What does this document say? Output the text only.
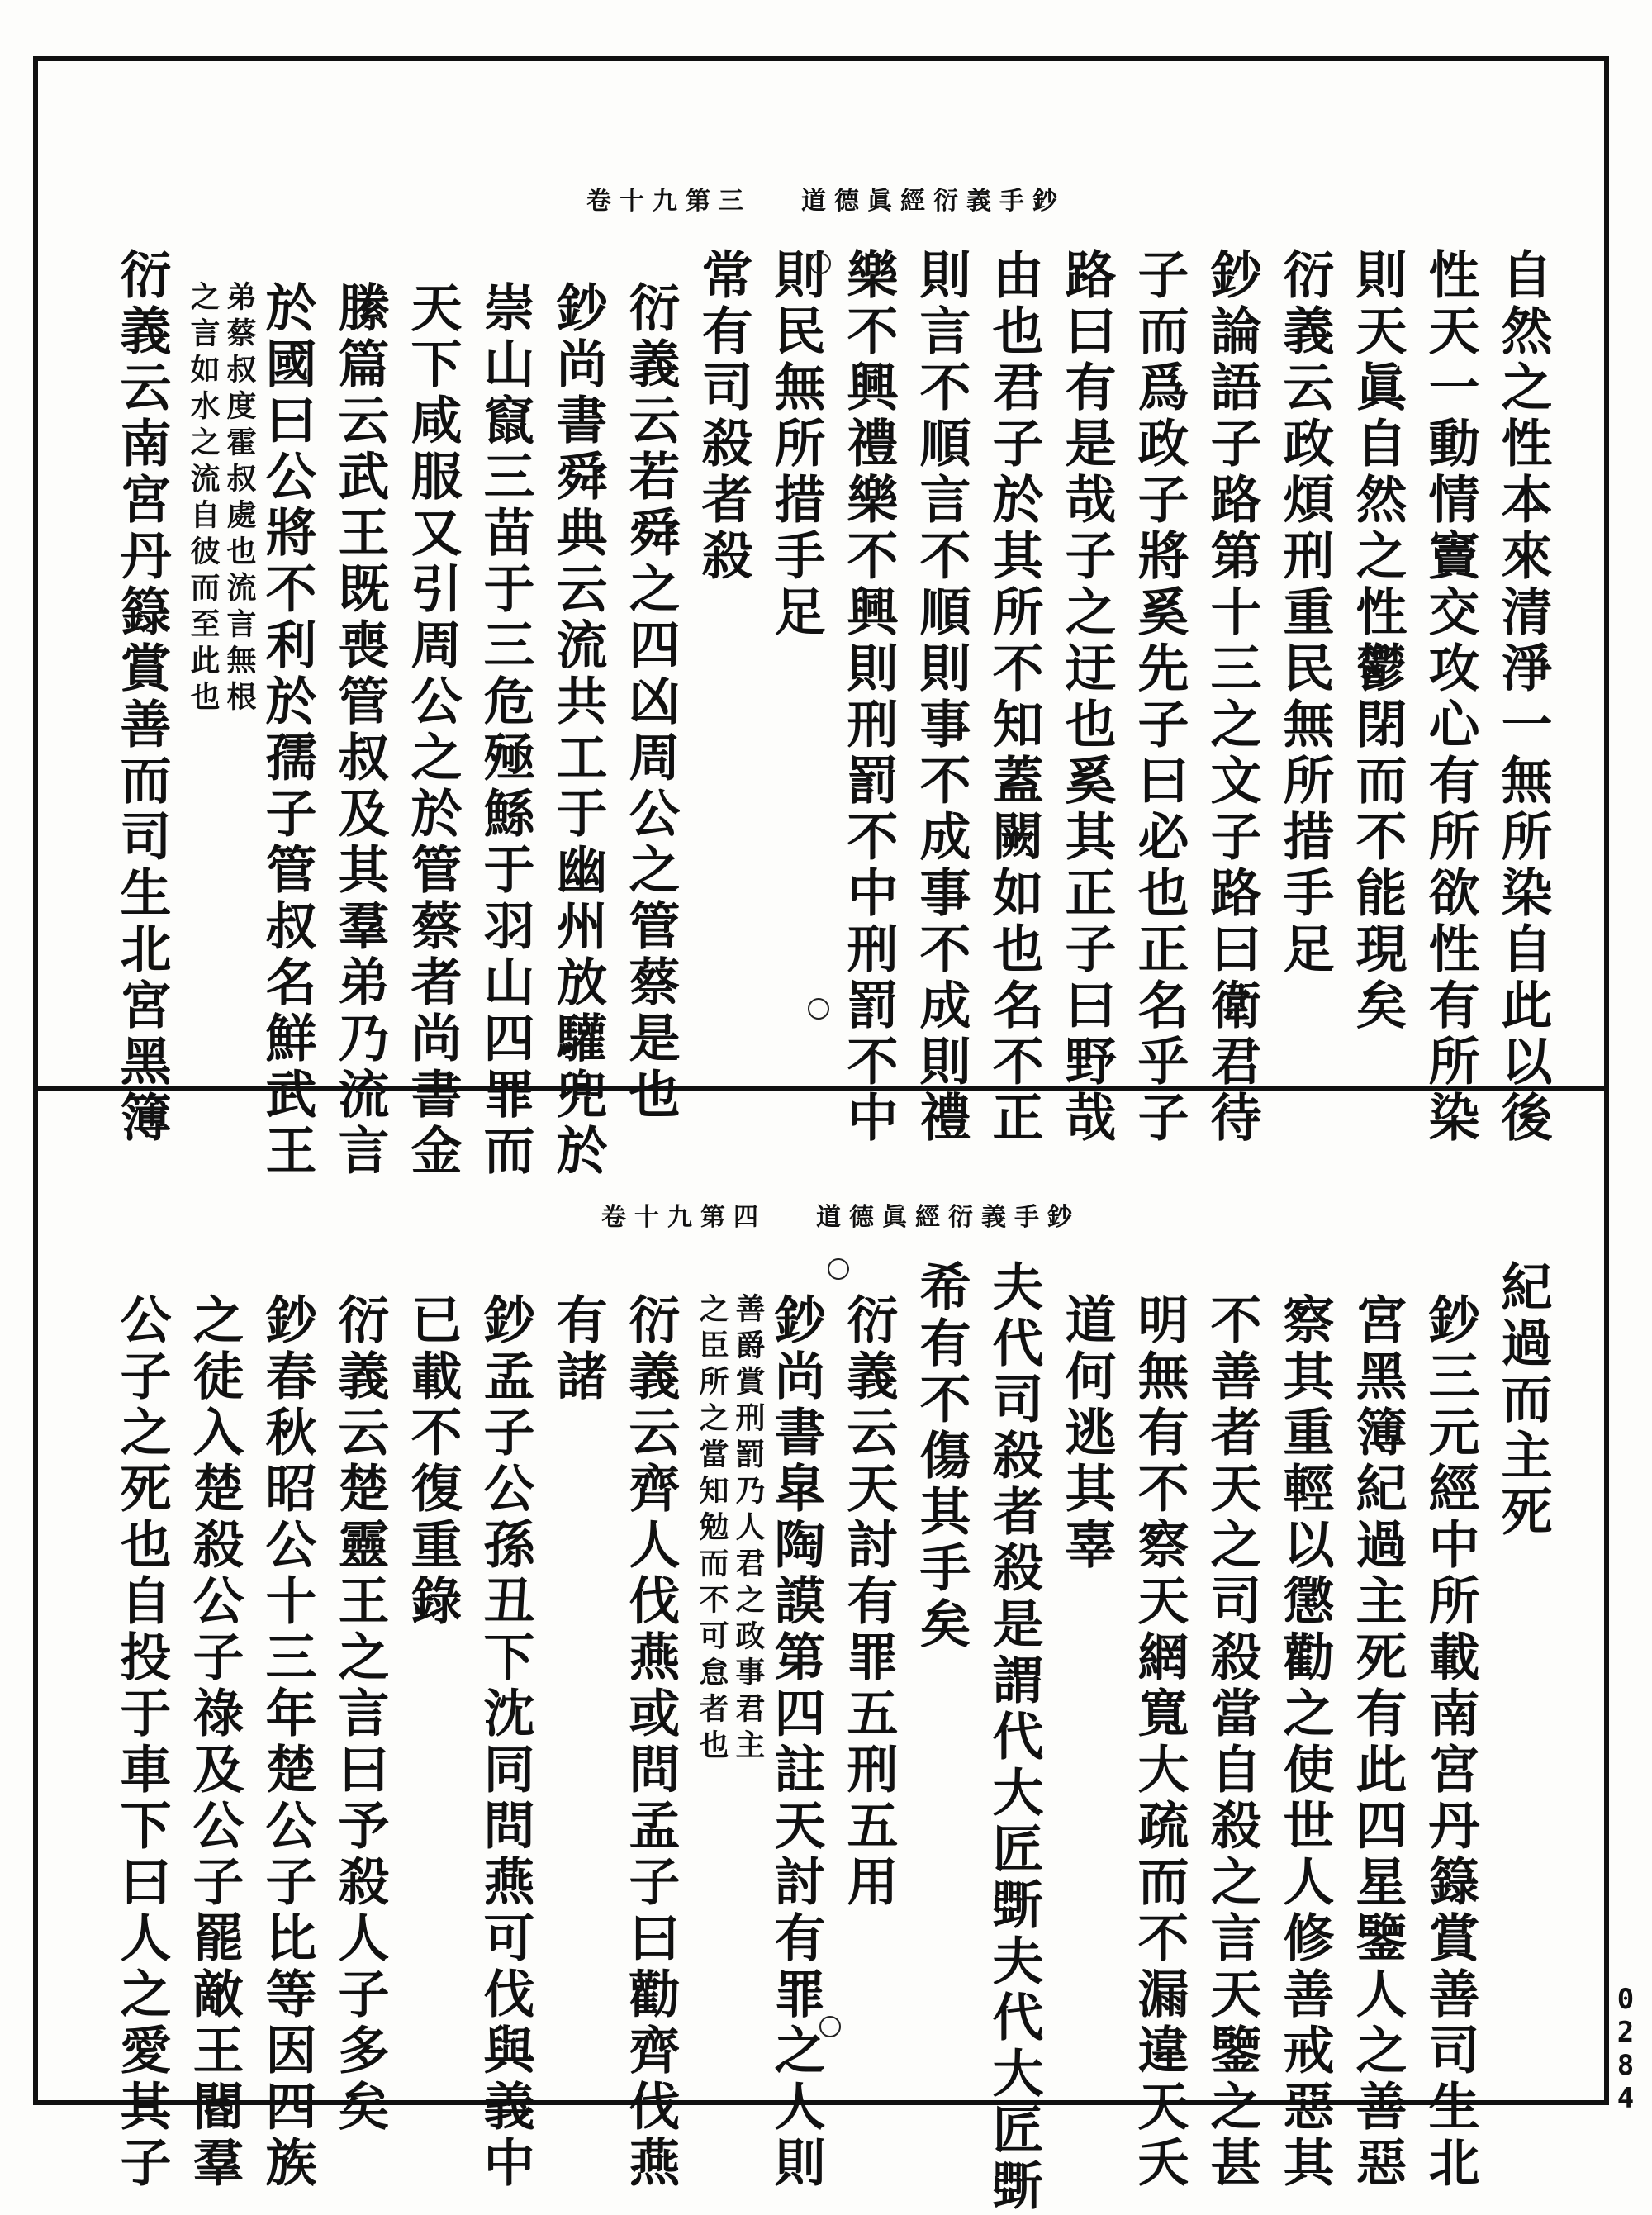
卷十九第三 道德眞經衍義手鈔
卷十九第四 道德眞經衍義手鈔
自然之性本來清淨一無所染自此以後
性天一動情竇交攻心有所欲性有所染
則天眞自然之性鬱閉而不能現矣
衍義云政煩刑重民無所措手足
鈔論語子路第十三之文子路曰衛君待
子而爲政子將奚先子曰必也正名乎子
路曰有是哉子之迂也奚其正子曰野哉
由也君子於其所不知蓋闕如也名不正
則言不順言不順則事不成事不成則禮
樂不興禮樂不興則刑罰不中刑罰不中
則民無所措手足
常有司殺者殺
衍義云若舜之四凶周公之管蔡是也
鈔尚書舜典云流共工于幽州放驩兜於
崇山竄三苗于三危殛鯀于羽山四罪而
天下咸服又引周公之於管蔡者尚書金
縢篇云武王既喪管叔及其羣弟乃流言
於國曰公將不利於孺子管叔名鮮武王
弟蔡叔度霍叔處也流言無根
之言如水之流自彼而至此也
衍義云南宮丹籙賞善而司生北宮黑簿
紀過而主死
鈔三元經中所載南宮丹籙賞善司生北
宮黑簿紀過主死有此四星鑒人之善惡
察其重輕以懲勸之使世人修善戒惡其
不善者天之司殺當自殺之言天鑒之甚
明無有不察天網寬大疏而不漏違天夭
道何逃其辜
夫代司殺者殺是謂代大匠斲夫代大匠斲
希有不傷其手矣
衍義云天討有罪五刑五用
鈔尚書皐陶謨第四註天討有罪之人則
善爵賞刑罰乃人君之政事君主
之臣所之當知勉而不可怠者也
衍義云齊人伐燕或問孟子曰勸齊伐燕
有諸
鈔孟子公孫丑下沈同問燕可伐與義中
已載不復重錄
衍義云楚靈王之言曰予殺人子多矣
鈔春秋昭公十三年楚公子比等因四族
之徒入楚殺公子祿及公子罷敵王閽羣
公子之死也自投于車下曰人之愛其子	0284
